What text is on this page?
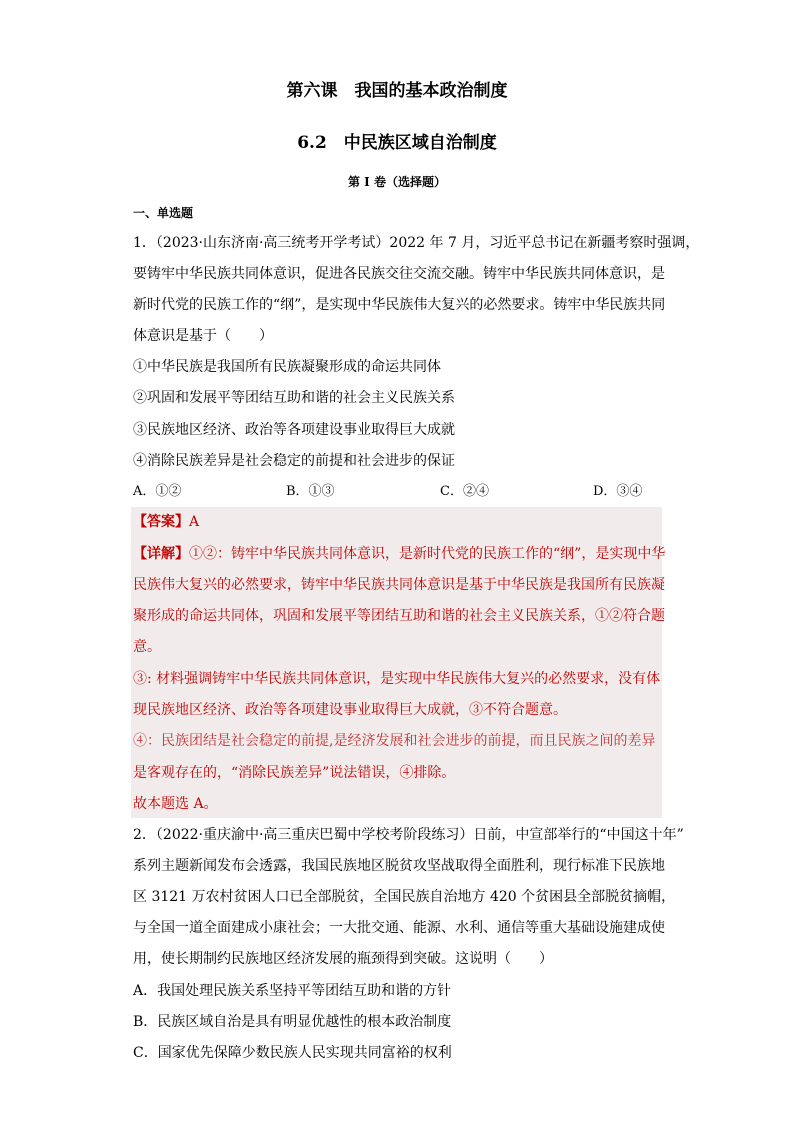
第六课　我国的基本政治制度
6.2　中民族区域自治制度
第 I 卷（选择题）
一、单选题
1．（2023·山东济南·高三统考开学考试）2022 年 7 月，习近平总书记在新疆考察时强调，
要铸牢中华民族共同体意识，促进各民族交往交流交融。铸牢中华民族共同体意识，是
新时代党的民族工作的“纲”，是实现中华民族伟大复兴的必然要求。铸牢中华民族共同
体意识是基于（　　）
①中华民族是我国所有民族凝聚形成的命运共同体
②巩固和发展平等团结互助和谐的社会主义民族关系
③民族地区经济、政治等各项建设事业取得巨大成就
④消除民族差异是社会稳定的前提和社会进步的保证
A．①②	B．①③	C．②④	D．③④
【答案】A
【详解】①②：铸牢中华民族共同体意识，是新时代党的民族工作的“纲”，是实现中华
民族伟大复兴的必然要求，铸牢中华民族共同体意识是基于中华民族是我国所有民族凝
聚形成的命运共同体，巩固和发展平等团结互助和谐的社会主义民族关系，①②符合题
意。
③: 材料强调铸牢中华民族共同体意识，是实现中华民族伟大复兴的必然要求，没有体
现民族地区经济、政治等各项建设事业取得巨大成就，③不符合题意。
④：民族团结是社会稳定的前提,是经济发展和社会进步的前提，而且民族之间的差异
是客观存在的，“消除民族差异”说法错误，④排除。
故本题选 A。
2．（2022·重庆渝中·高三重庆巴蜀中学校考阶段练习）日前，中宣部举行的“中国这十年”
系列主题新闻发布会透露，我国民族地区脱贫攻坚战取得全面胜利，现行标准下民族地
区 3121 万农村贫困人口已全部脱贫，全国民族自治地方 420 个贫困县全部脱贫摘帽，
与全国一道全面建成小康社会；一大批交通、能源、水利、通信等重大基础设施建成使
用，使长期制约民族地区经济发展的瓶颈得到突破。这说明（　　）
A．我国处理民族关系坚持平等团结互助和谐的方针
B．民族区域自治是具有明显优越性的根本政治制度
C．国家优先保障少数民族人民实现共同富裕的权利
